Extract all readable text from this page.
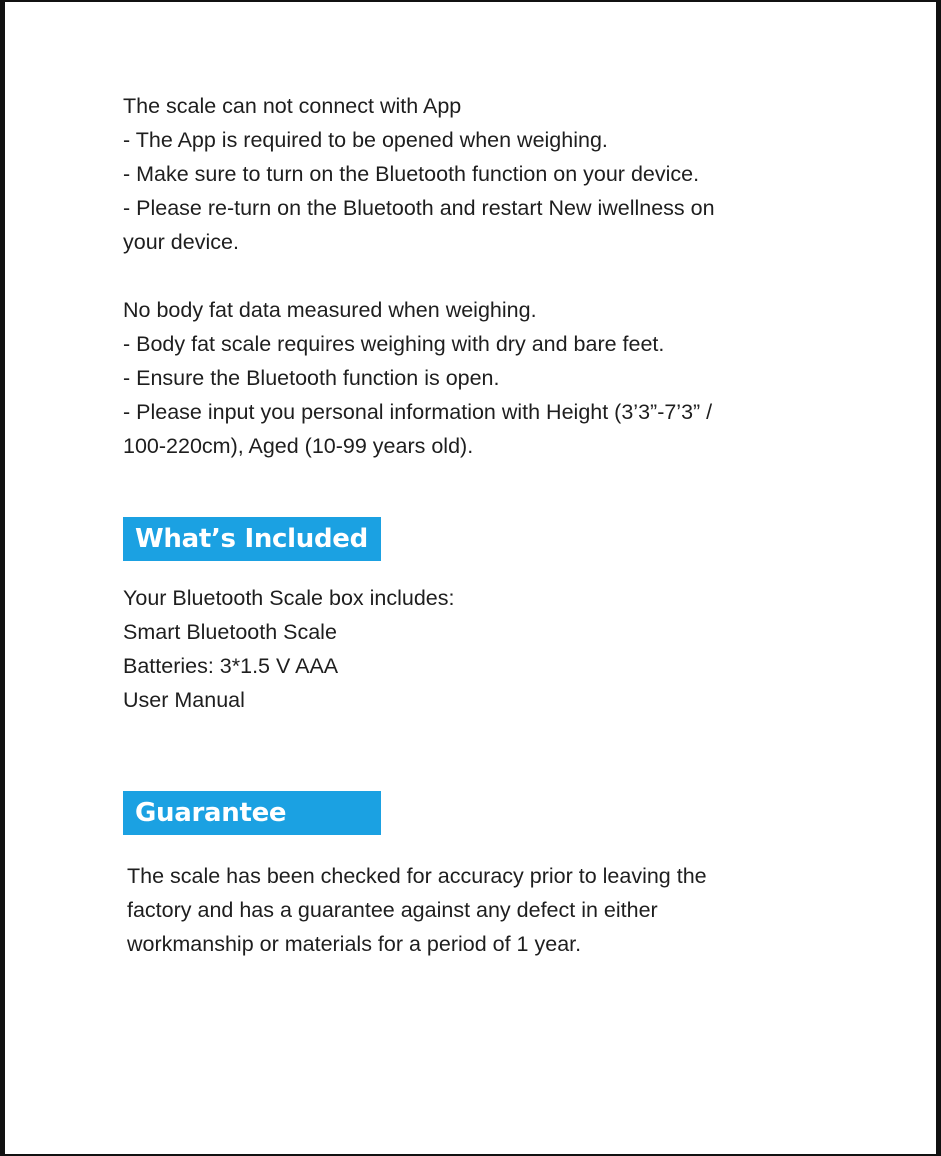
The scale can not connect with App
- The App is required to be opened when weighing.
- Make sure to turn on the Bluetooth function on your device.
- Please re-turn on the Bluetooth and restart New iwellness on
your device.
No body fat data measured when weighing.
- Body fat scale requires weighing with dry and bare feet.
- Ensure the Bluetooth function is open.
- Please input you personal information with Height (3’3”-7’3” /
100-220cm), Aged (10-99 years old).
What’s Included
Your Bluetooth Scale box includes:
Smart Bluetooth Scale
Batteries: 3*1.5 V AAA
User Manual
Guarantee
The scale has been checked for accuracy prior to leaving the
factory and has a guarantee against any defect in either
workmanship or materials for a period of 1 year.
